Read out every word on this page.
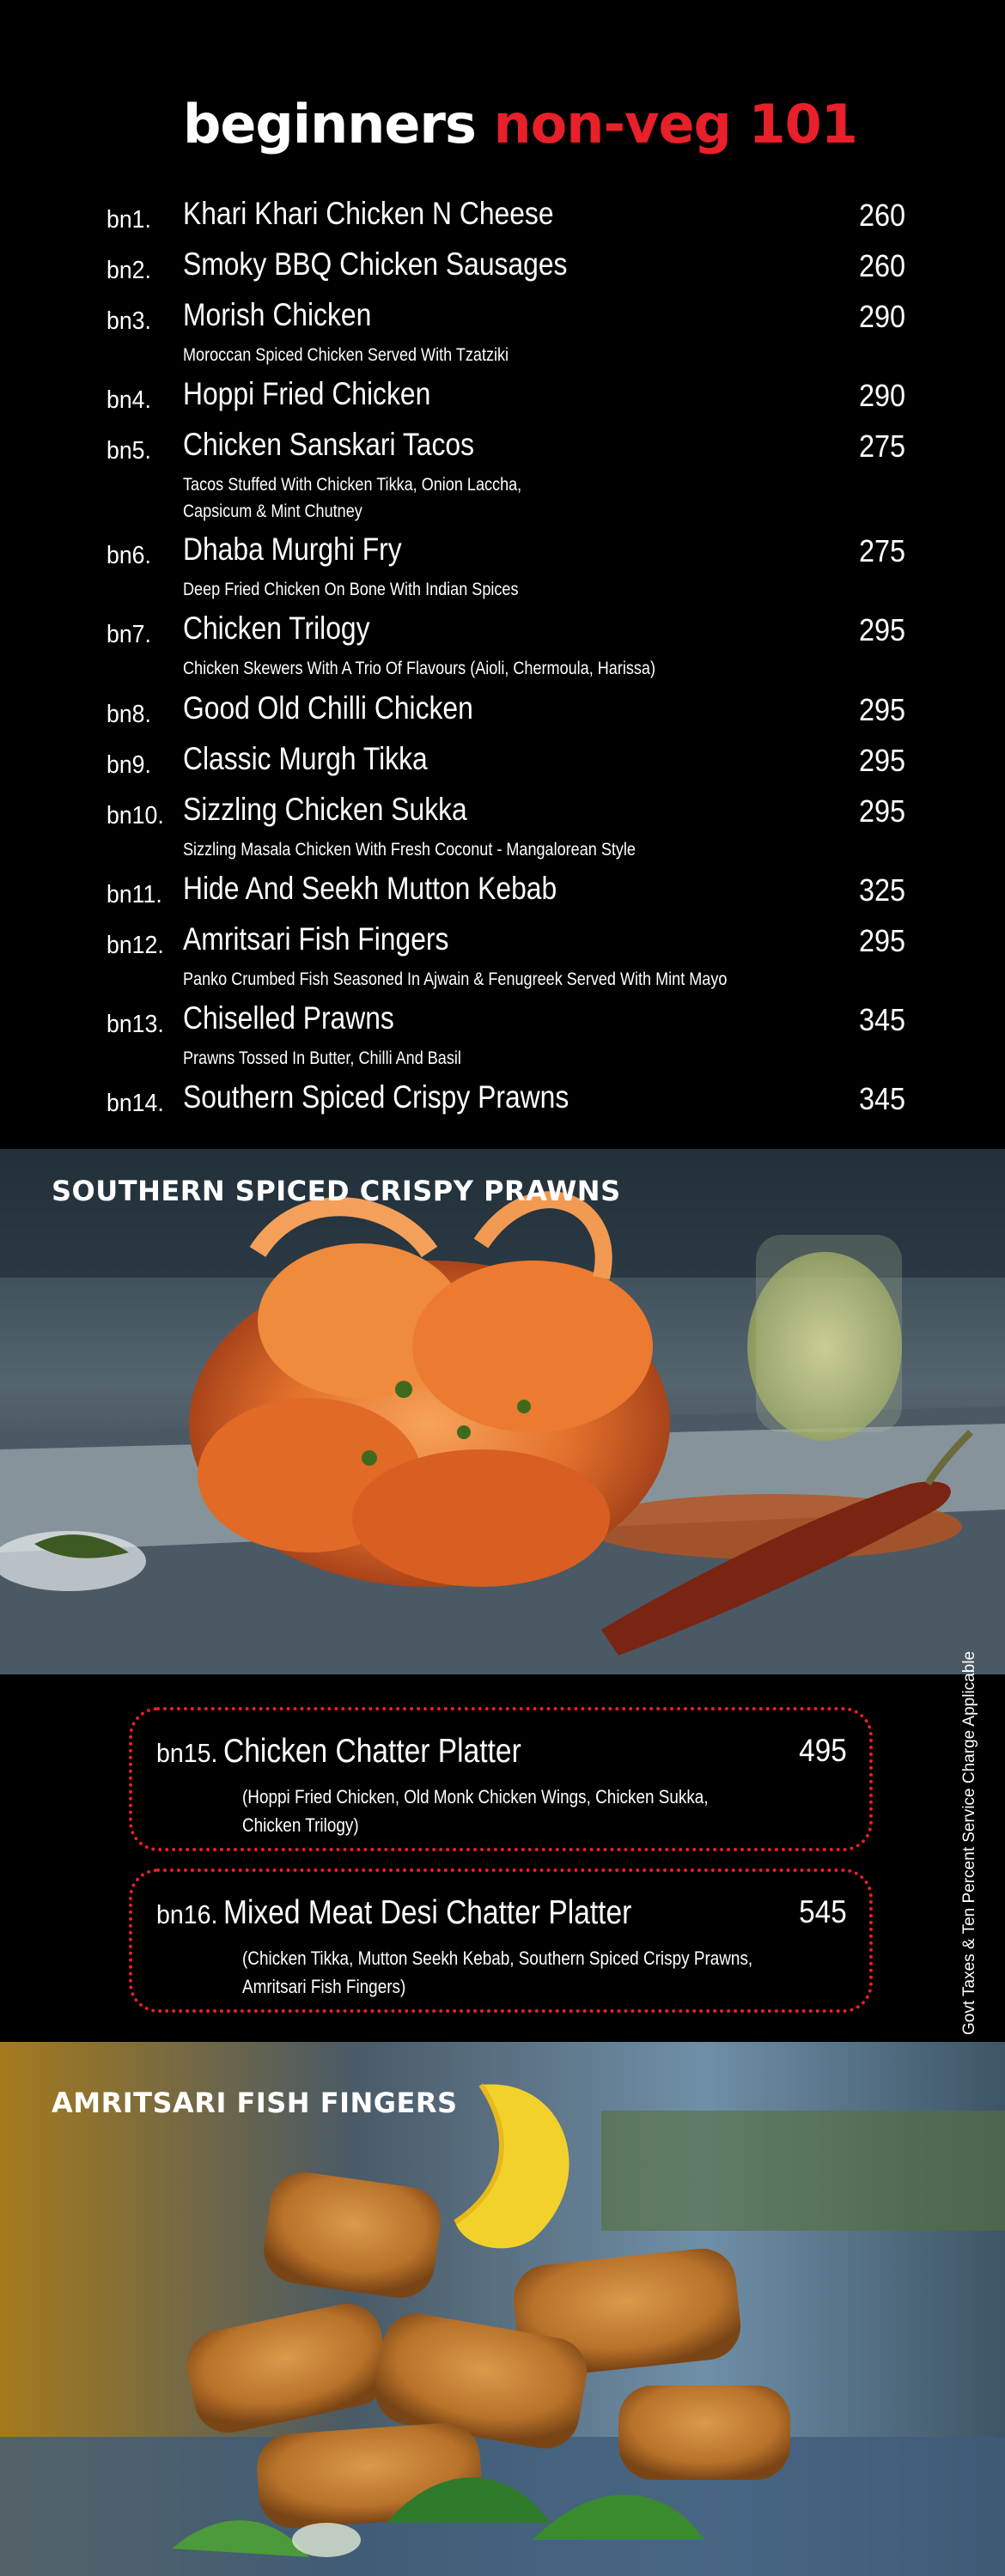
beginners non-veg 101
bn1. Khari Khari Chicken N Cheese	260
bn2. Smoky BBQ Chicken Sausages	260
bn3. Morish Chicken	290
Moroccan Spiced Chicken Served With Tzatziki
bn4. Hoppi Fried Chicken	290
bn5. Chicken Sanskari Tacos	275
Tacos Stuffed With Chicken Tikka, Onion Laccha,
Capsicum & Mint Chutney
bn6. Dhaba Murghi Fry	275
Deep Fried Chicken On Bone With Indian Spices
bn7. Chicken Trilogy	295
Chicken Skewers With A Trio Of Flavours (Aioli, Chermoula, Harissa)
bn8. Good Old Chilli Chicken	295
bn9. Classic Murgh Tikka	295
bn10. Sizzling Chicken Sukka	295
Sizzling Masala Chicken With Fresh Coconut - Mangalorean Style
bn11. Hide And Seekh Mutton Kebab	325
bn12. Amritsari Fish Fingers	295
Panko Crumbed Fish Seasoned In Ajwain & Fenugreek Served With Mint Mayo
bn13. Chiselled Prawns	345
Prawns Tossed In Butter, Chilli And Basil
bn14. Southern Spiced Crispy Prawns	345
SOUTHERN SPICED CRISPY PRAWNS
bn15. Chicken Chatter Platter	495
(Hoppi Fried Chicken, Old Monk Chicken Wings, Chicken Sukka,
Chicken Trilogy)
bn16. Mixed Meat Desi Chatter Platter	545
(Chicken Tikka, Mutton Seekh Kebab, Southern Spiced Crispy Prawns,
Amritsari Fish Fingers)	Govt Taxes & Ten Percent Service Charge Applicable
AMRITSARI FISH FINGERS
